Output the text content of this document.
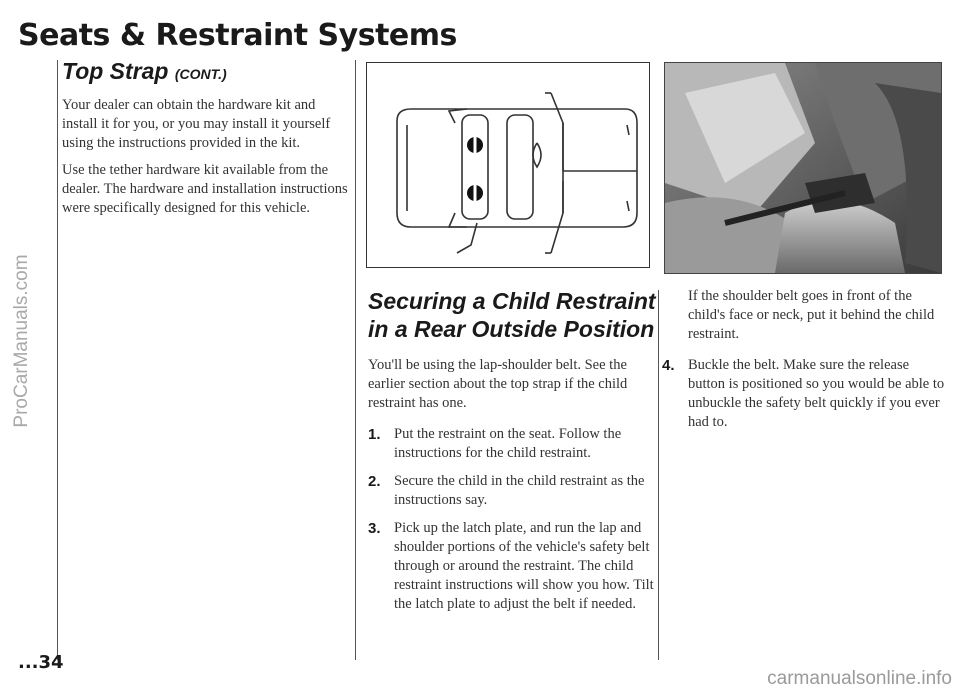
Seats & Restraint Systems
ProCarManuals.com
Top Strap (CONT.)

Your dealer can obtain the hardware kit and install it for you, or you may install it yourself using the instructions provided in the kit.

Use the tether hardware kit available from the dealer. The hardware and installation instructions were specifically designed for this vehicle.

Securing a Child Restraint in a Rear Outside Position

You'll be using the lap-shoulder belt. See the earlier section about the top strap if the child restraint has one.

1. Put the restraint on the seat. Follow the instructions for the child restraint.
2. Secure the child in the child restraint as the instructions say.
3. Pick up the latch plate, and run the lap and shoulder portions of the vehicle's safety belt through or around the restraint. The child restraint instructions will show you how. Tilt the latch plate to adjust the belt if needed.

If the shoulder belt goes in front of the child's face or neck, put it behind the child restraint.

4. Buckle the belt. Make sure the release button is positioned so you would be able to unbuckle the safety belt quickly if you ever had to.
...34
carmanualsonline.info
